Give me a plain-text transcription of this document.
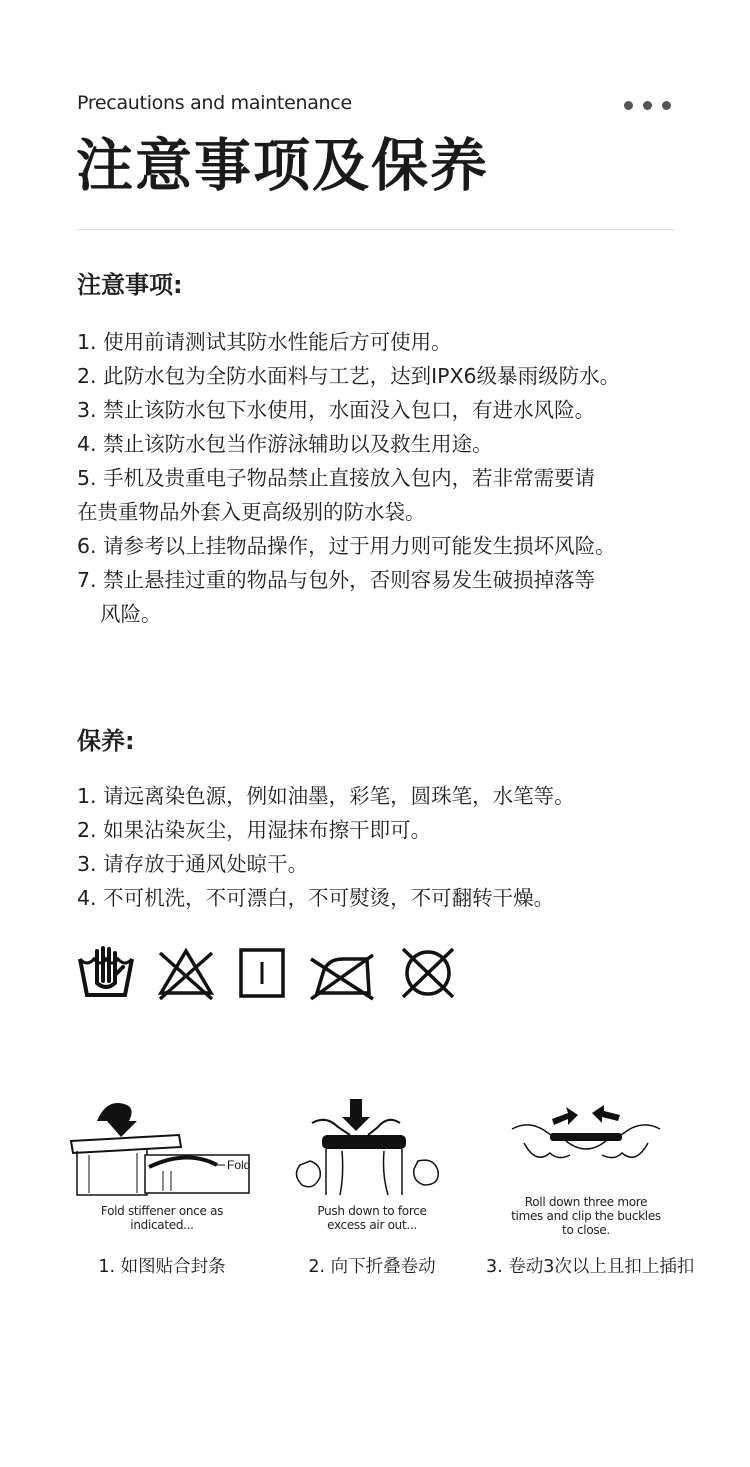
Precautions and maintenance
注意事项及保养
注意事项:
1. 使用前请测试其防水性能后方可使用。
2. 此防水包为全防水面料与工艺，达到IPX6级暴雨级防水。
3. 禁止该防水包下水使用，水面没入包口，有进水风险。
4. 禁止该防水包当作游泳辅助以及救生用途。
5. 手机及贵重电子物品禁止直接放入包内，若非常需要请
在贵重物品外套入更高级别的防水袋。
6. 请参考以上挂物品操作，过于用力则可能发生损坏风险。
7. 禁止悬挂过重的物品与包外，否则容易发生破损掉落等
风险。
保养:
1. 请远离染色源，例如油墨，彩笔，圆珠笔，水笔等。
2. 如果沾染灰尘，用湿抹布擦干即可。
3. 请存放于通风处晾干。
4. 不可机洗，不可漂白，不可熨烫，不可翻转干燥。
Fold
Fold stiffener once as
indicated...
1. 如图贴合封条
Push down to force
excess air out...
2. 向下折叠卷动
Roll down three more
times and clip the buckles
to close.
3. 卷动3次以上且扣上插扣
